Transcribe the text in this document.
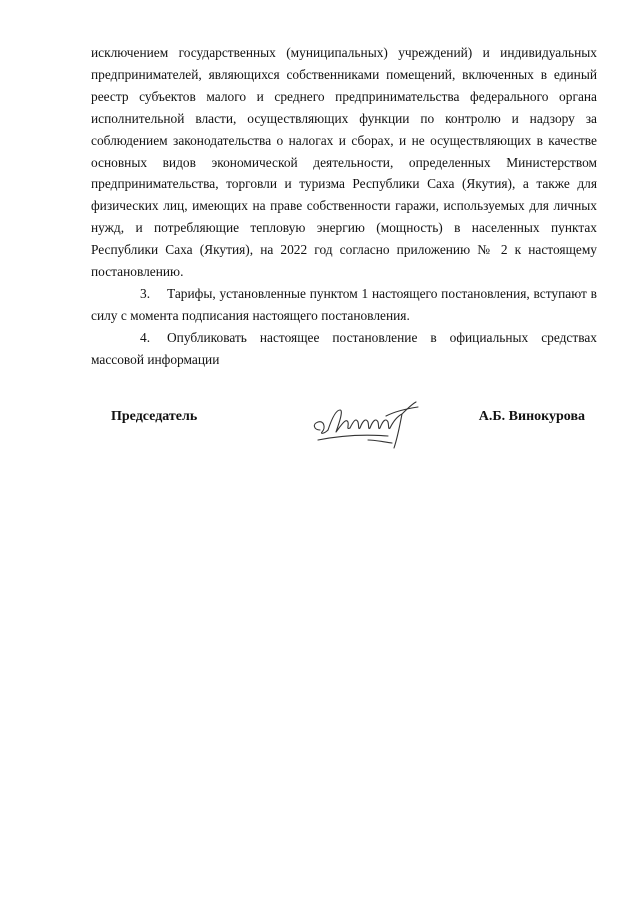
исключением государственных (муниципальных) учреждений) и индивидуальных предпринимателей, являющихся собственниками помещений, включенных в единый реестр субъектов малого и среднего предпринимательства федерального органа исполнительной власти, осуществляющих функции по контролю и надзору за соблюдением законодательства о налогах и сборах, и не осуществляющих в качестве основных видов экономической деятельности, определенных Министерством предпринимательства, торговли и туризма Республики Саха (Якутия), а также для физических лиц, имеющих на праве собственности гаражи, используемых для личных нужд, и потребляющие тепловую энергию (мощность) в населенных пунктах Республики Саха (Якутия), на 2022 год согласно приложению № 2 к настоящему постановлению.

3. Тарифы, установленные пунктом 1 настоящего постановления, вступают в силу с момента подписания настоящего постановления.

4. Опубликовать настоящее постановление в официальных средствах массовой информации

Председатель	А.Б. Винокурова
